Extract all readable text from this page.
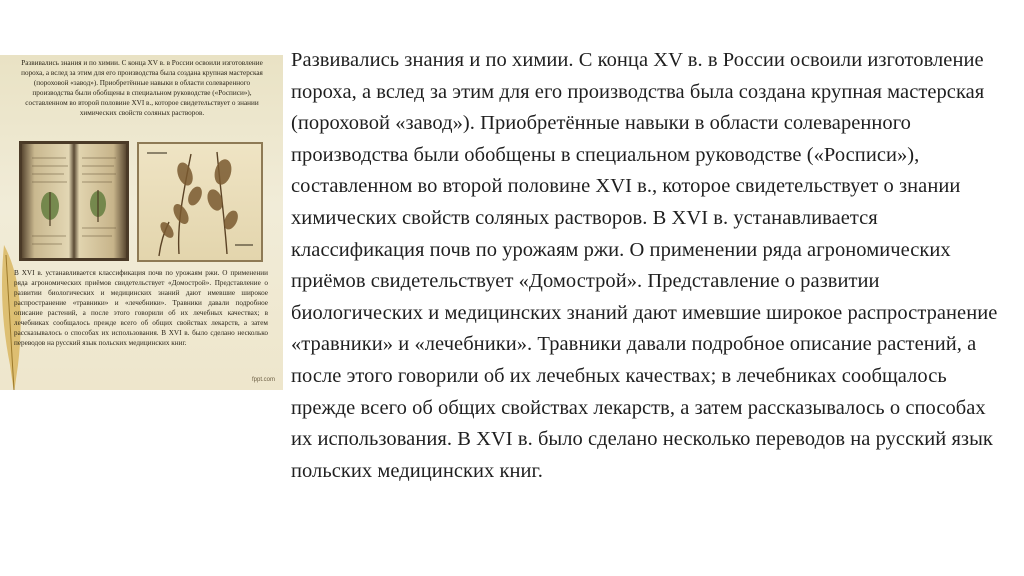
Развивались знания и по химии. С конца XV в. в России освоили изготовление пороха, а вслед за этим для его производства была создана крупная мастерская (пороховой «завод»). Приобретённые навыки в области солеваренного производства были обобщены в специальном руководстве («Росписи»), составленном во второй половине XVI в., которое свидетельствует о знании химических свойств соляных растворов.

В XVI в. устанавливается классификация почв по урожаям ржи. О применении ряда агрономических приёмов свидетельствует «Домострой». Представление о развитии биологических и медицинских знаний дают имевшие широкое распространение «травники» и «лечебники». Травники давали подробное описание растений, а после этого говорили об их лечебных качествах; в лечебниках сообщалось прежде всего об общих свойствах лекарств, а затем рассказывалось о способах их использования. В XVI в. было сделано несколько переводов на русский язык польских медицинских книг.

fppt.com

Развивались знания и по химии. С конца XV в. в России освоили изготовление пороха, а вслед за этим для его производства была создана крупная мастерская (пороховой «завод»). Приобретённые навыки в области солеваренного производства были обобщены в специальном руководстве («Росписи»), составленном во второй половине XVI в., которое свидетельствует о знании химических свойств соляных растворов. В XVI в. устанавливается классификация почв по урожаям ржи. О применении ряда агрономических приёмов свидетельствует «Домострой». Представление о развитии биологических и медицинских знаний дают имевшие широкое распространение «травники» и «лечебники». Травники давали подробное описание растений, а после этого говорили об их лечебных качествах; в лечебниках сообщалось прежде всего об общих свойствах лекарств, а затем рассказывалось о способах их использования. В XVI в. было сделано несколько переводов на русский язык польских медицинских книг.
